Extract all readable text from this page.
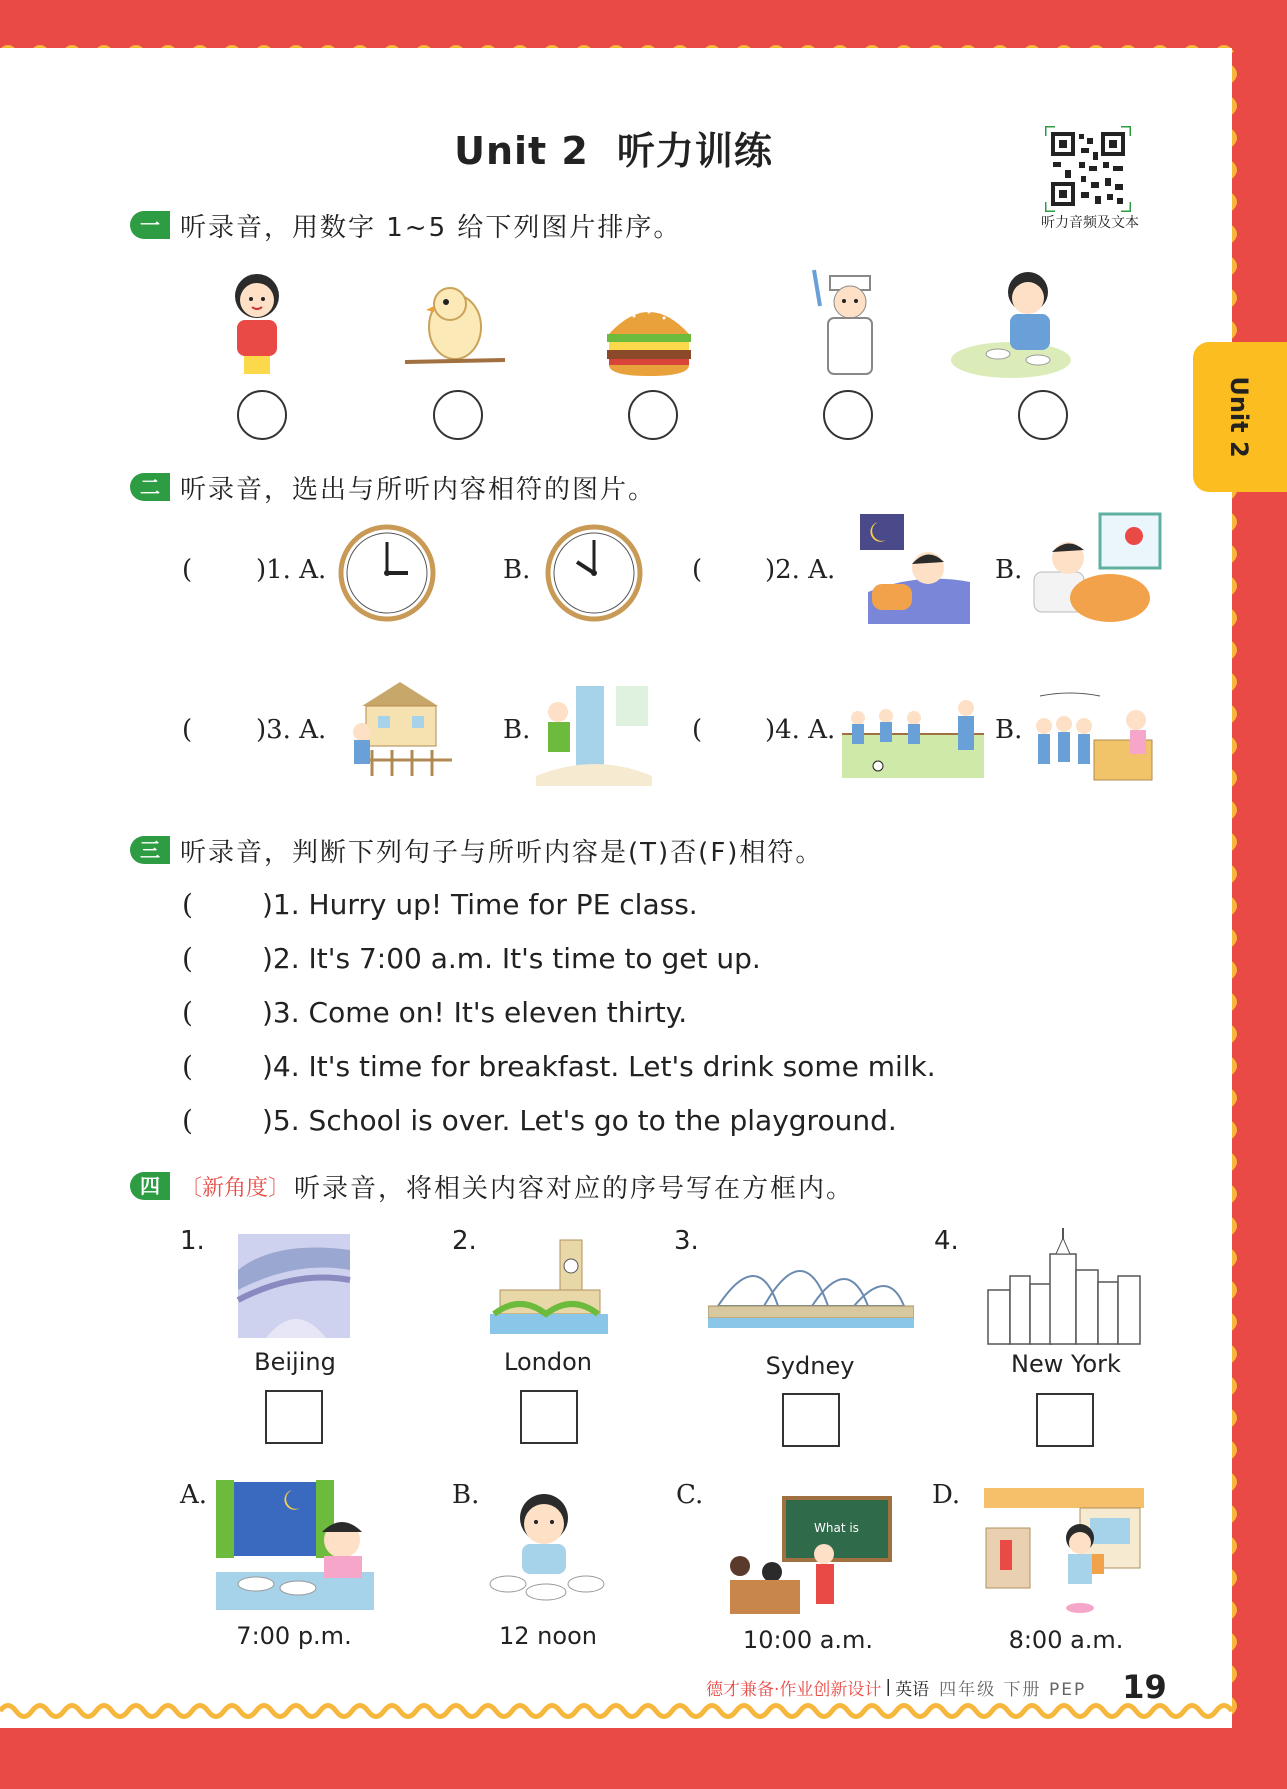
Unit 2 听力训练
听力音频及文本
Unit 2
一 听录音，用数字 1~5 给下列图片排序。
二 听录音，选出与所听内容相符的图片。
( )1. A.	B.	( )2. A.	B.
( )3. A.	B.	( )4. A.	B.
三 听录音，判断下列句子与所听内容是(T)否(F)相符。
(	)1. Hurry up! Time for PE class.
(	)2. It's 7:00 a.m. It's time to get up.
(	)3. Come on! It's eleven thirty.
(	)4. It's time for breakfast. Let's drink some milk.
(	)5. School is over. Let's go to the playground.
四 〔新角度〕 听录音，将相关内容对应的序号写在方框内。
1.
Beijing
2.
London
3.
Sydney
4.
New York
A.
7:00 p.m.
B.
12 noon
C.
What is
10:00 a.m.
D.
8:00 a.m.
德才兼备·作业创新设计 | 英语 四年级 下册 PEP 19
